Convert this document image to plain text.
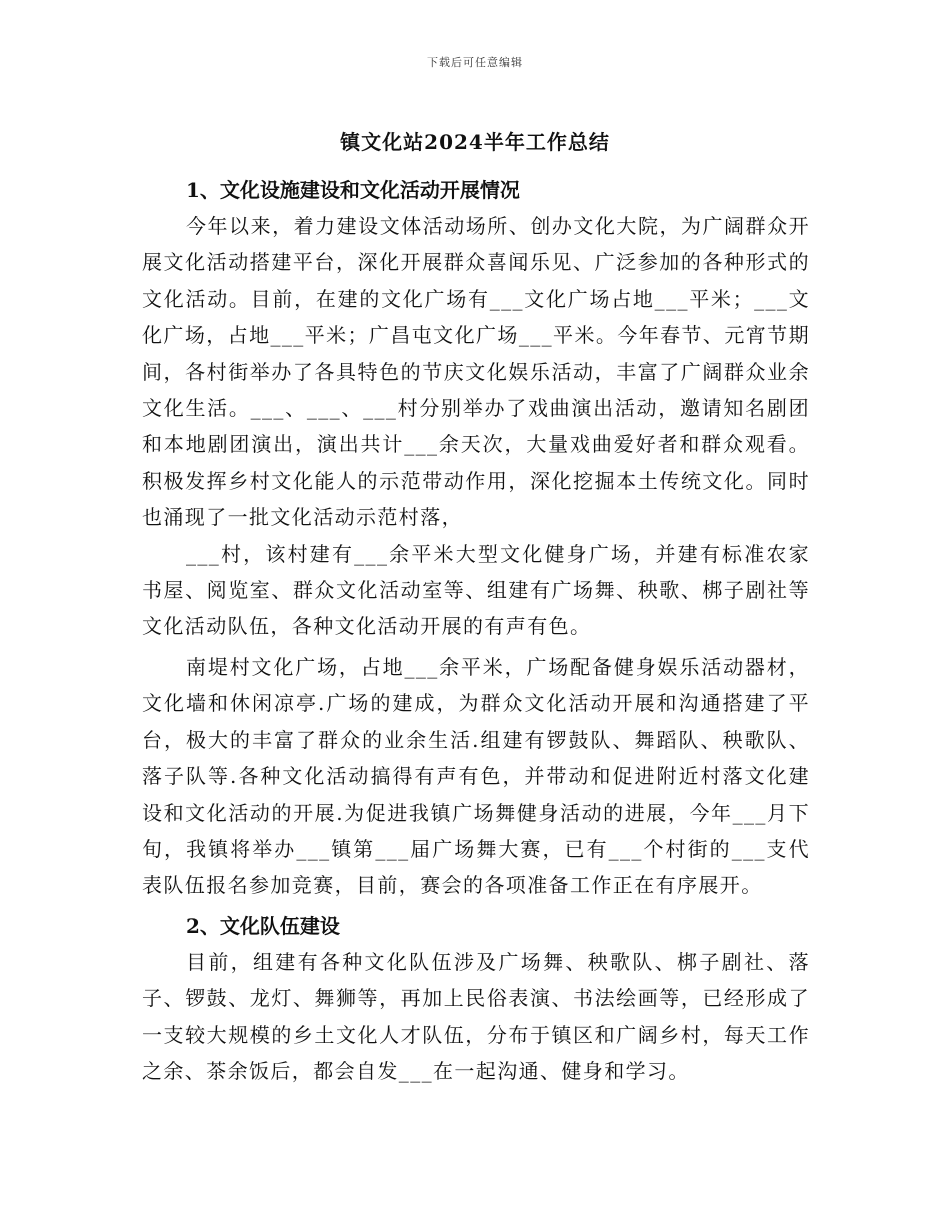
下载后可任意编辑
镇文化站2024半年工作总结
1、文化设施建设和文化活动开展情况

今年以来，着力建设文体活动场所、创办文化大院，为广阔群众开展文化活动搭建平台，深化开展群众喜闻乐见、广泛参加的各种形式的文化活动。目前，在建的文化广场有___文化广场占地___平米；___文化广场，占地___平米；广昌屯文化广场___平米。今年春节、元宵节期间，各村街举办了各具特色的节庆文化娱乐活动，丰富了广阔群众业余文化生活。___、___、___村分别举办了戏曲演出活动，邀请知名剧团和本地剧团演出，演出共计___余天次，大量戏曲爱好者和群众观看。积极发挥乡村文化能人的示范带动作用，深化挖掘本土传统文化。同时也涌现了一批文化活动示范村落，

___村，该村建有___余平米大型文化健身广场，并建有标准农家书屋、阅览室、群众文化活动室等、组建有广场舞、秧歌、梆子剧社等文化活动队伍，各种文化活动开展的有声有色。

南堤村文化广场，占地___余平米，广场配备健身娱乐活动器材，文化墙和休闲凉亭.广场的建成，为群众文化活动开展和沟通搭建了平台，极大的丰富了群众的业余生活.组建有锣鼓队、舞蹈队、秧歌队、落子队等.各种文化活动搞得有声有色，并带动和促进附近村落文化建设和文化活动的开展.为促进我镇广场舞健身活动的进展，今年___月下旬，我镇将举办___镇第___届广场舞大赛，已有___个村街的___支代表队伍报名参加竞赛，目前，赛会的各项准备工作正在有序展开。

2、文化队伍建设

目前，组建有各种文化队伍涉及广场舞、秧歌队、梆子剧社、落子、锣鼓、龙灯、舞狮等，再加上民俗表演、书法绘画等，已经形成了一支较大规模的乡土文化人才队伍，分布于镇区和广阔乡村，每天工作之余、茶余饭后，都会自发___在一起沟通、健身和学习。
